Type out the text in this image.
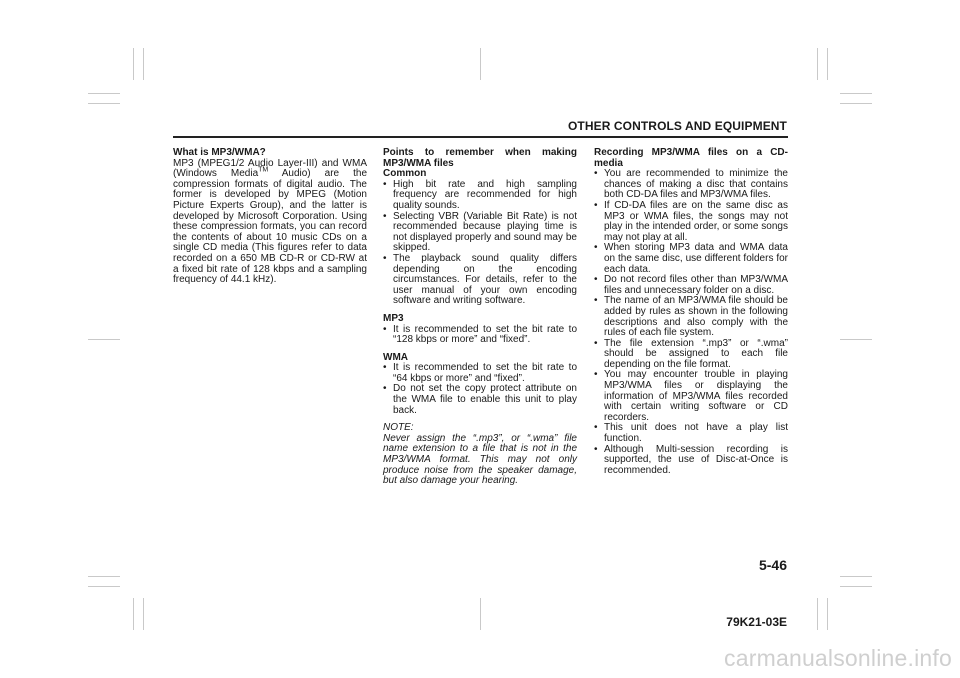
OTHER CONTROLS AND EQUIPMENT
What is MP3/WMA?

MP3 (MPEG1/2 Audio Layer-III) and WMA (Windows Media™ Audio) are the compression formats of digital audio. The former is developed by MPEG (Motion Picture Experts Group), and the latter is developed by Microsoft Corporation. Using these compression formats, you can record the contents of about 10 music CDs on a single CD media (This figures refer to data recorded on a 650 MB CD-R or CD-RW at a fixed bit rate of 128 kbps and a sampling frequency of 44.1 kHz).

Points to remember when making MP3/WMA files
Common
• High bit rate and high sampling frequency are recommended for high quality sounds.
• Selecting VBR (Variable Bit Rate) is not recommended because playing time is not displayed properly and sound may be skipped.
• The playback sound quality differs depending on the encoding circumstances. For details, refer to the user manual of your own encoding software and writing software.
MP3
• It is recommended to set the bit rate to “128 kbps or more” and “fixed”.
WMA
• It is recommended to set the bit rate to “64 kbps or more” and “fixed”.
• Do not set the copy protect attribute on the WMA file to enable this unit to play back.
NOTE:
Never assign the “.mp3”, or “.wma” file name extension to a file that is not in the MP3/WMA format. This may not only produce noise from the speaker damage, but also damage your hearing.
Recording MP3/WMA files on a CD-media
• You are recommended to minimize the chances of making a disc that contains both CD-DA files and MP3/WMA files.
• If CD-DA files are on the same disc as MP3 or WMA files, the songs may not play in the intended order, or some songs may not play at all.
• When storing MP3 data and WMA data on the same disc, use different folders for each data.
• Do not record files other than MP3/WMA files and unnecessary folder on a disc.
• The name of an MP3/WMA file should be added by rules as shown in the following descriptions and also comply with the rules of each file system.
• The file extension “.mp3” or “.wma” should be assigned to each file depending on the file format.
• You may encounter trouble in playing MP3/WMA files or displaying the information of MP3/WMA files recorded with certain writing software or CD recorders.
• This unit does not have a play list function.
• Although Multi-session recording is supported, the use of Disc-at-Once is recommended.
5-46
79K21-03E
carmanualsonline.info
